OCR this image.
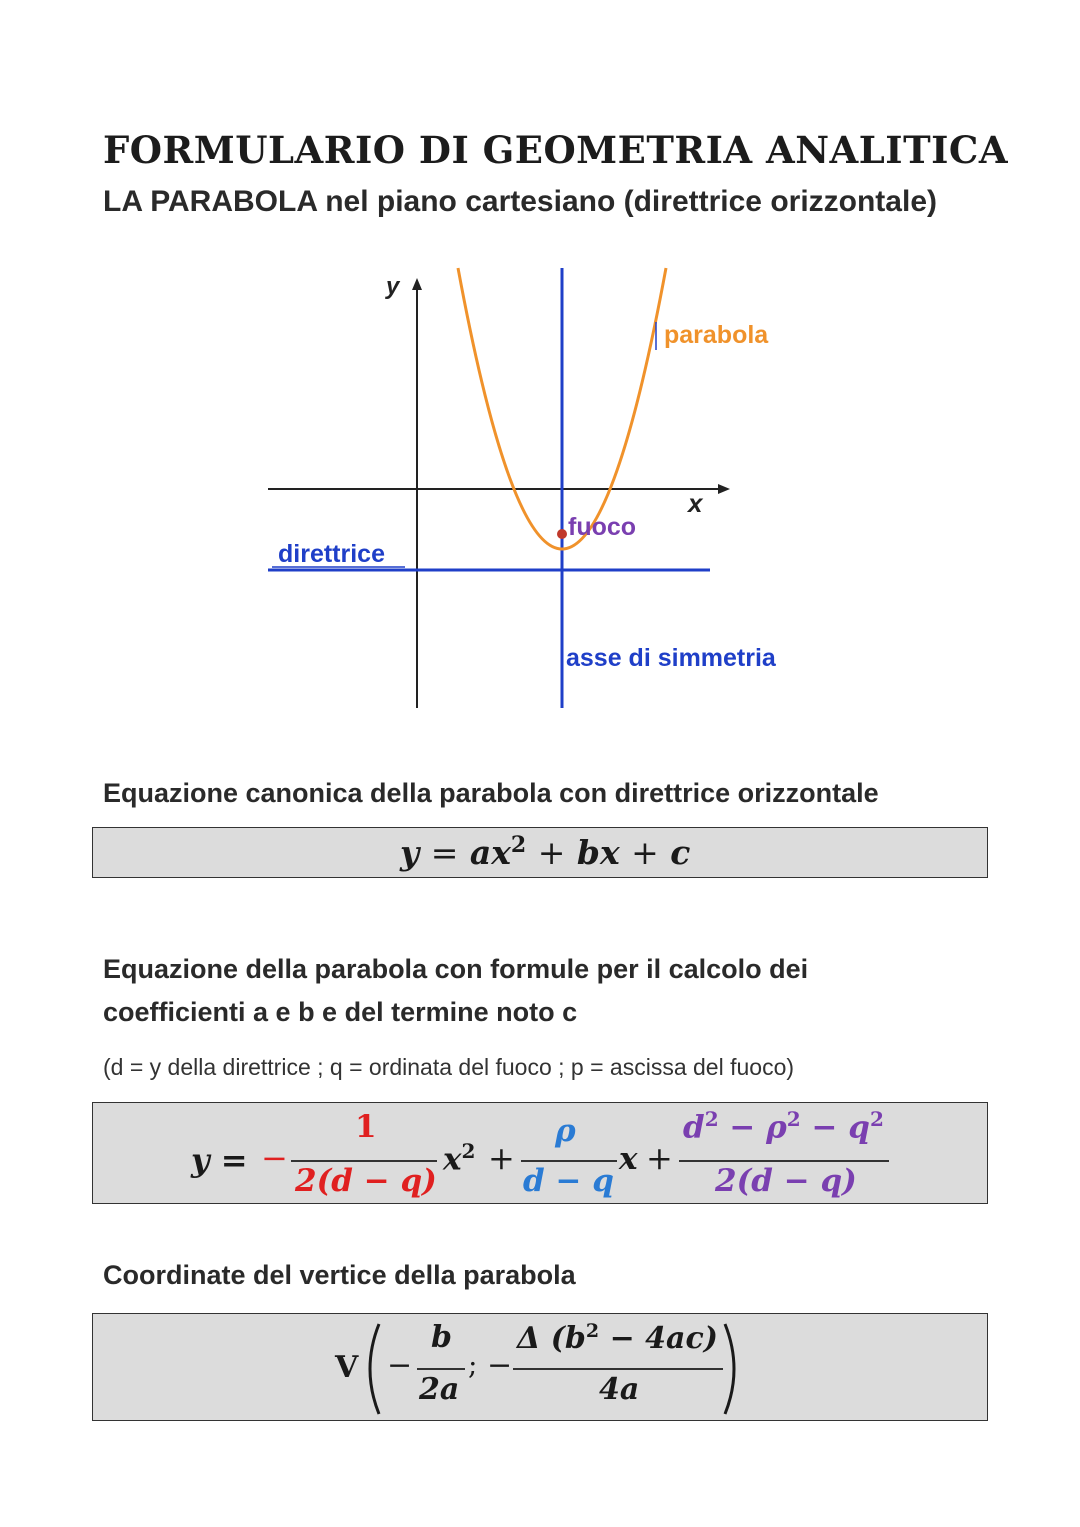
FORMULARIO DI GEOMETRIA ANALITICA
LA PARABOLA nel piano cartesiano (direttrice orizzontale)
y
x
parabola
fuoco
direttrice
asse di simmetria
Equazione canonica della parabola con direttrice orizzontale
$y = ax^2$ + bx + c
Equazione della parabola con formule per il calcolo dei
coefficienti a e b e del termine noto c
(d = y della direttrice ; q = ordinata del fuoco ; p = ascissa del fuoco)
y = −
1
2(d − q)
$x^2$ +
ρ
d − q
x +
$d^2 - \rho^2 - q^2$
2(d − q)
Coordinate del vertice della parabola
V −
b
2a
; −
Δ $(b^2 - 4ac)$
4a
